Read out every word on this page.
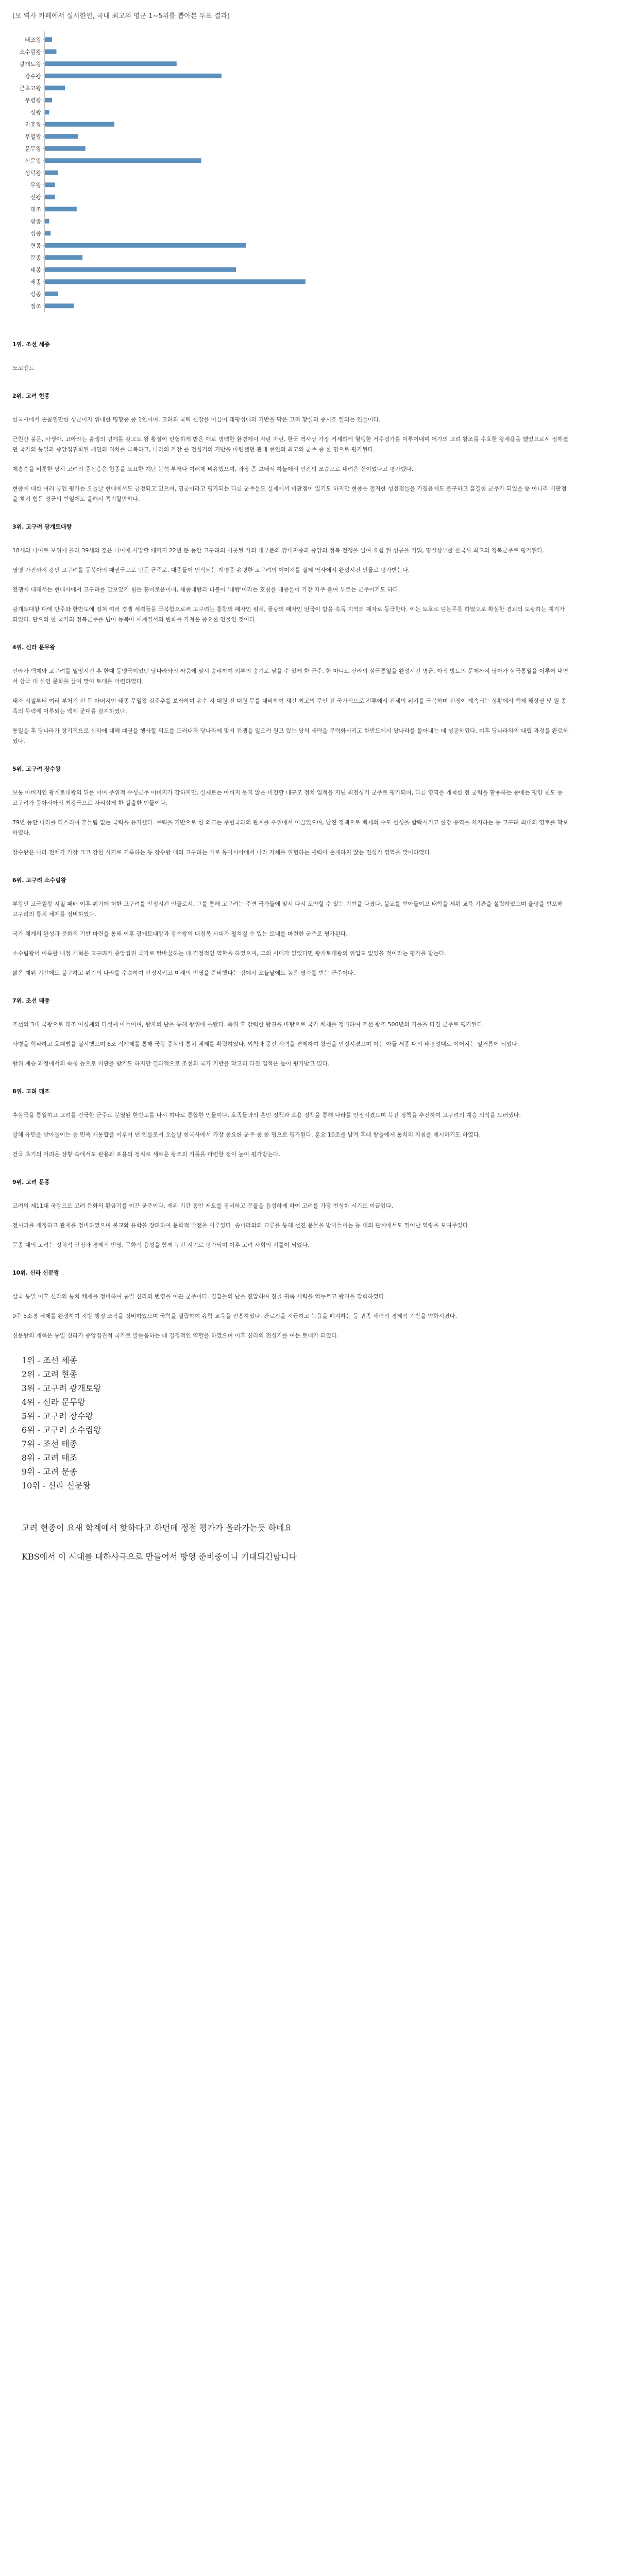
(모 역사 카페에서 실시한인, 국내 최고의 명군 1~5위를 뽑아본 투표 결과)
태조왕
소수림왕
광개토왕
장수왕
근초고왕
무령왕
성왕
진흥왕
무열왕
문무왕
신문왕
성덕왕
무왕
선왕
태조
광종
성종
현종
문종
태종
세종
성종
정조
1위. 조선 세종

노코멘트

2위. 고려 현종

한국사에서 손꼽힐만한 성군이자 위대한 명황중 중 1인이며, 고려의 국력 신장을 이끌어 태평성대의 기반을 닦은 고려 황실의 중시조 뻘되는 인물이다.

근친간 불운, 사생아, 고아라는 출생의 멍에를 갖고도 왕 황실이 빈협하게 받은 애로 명백한 환경에서 자란 자란, 한국 역사상 가장 거세하게 혈맹한 거수성가를 이루어내며 어가의 고려 왕조를 수호한 왕세용을 했었으로서 정해졌던 국가의 통일과 중앙집권화된 개인의 위치를 극복하고, 나라의 가장 큰 전성기의 기반을 마련했던 관대 현연의 최고의 군주 중 한 명으로 평가된다.

제흥순을 비롯한 당시 고려의 중신층은 현종을 요요한 계단 분석 부처나 여러제 비유했으며, 과장 좀 보태서 하늘에서 인간의 모습으로 내려온 신이었다고 평가했다.

현종에 대한 여러 궁인 평가는 오늘날 현대에서도 긍정되고 있으며, 영군이라고 평가되는 다른 군주들도 실제에서 비판점이 있기도 하지만 현종은 철저한 성선점들을 가졌음에도 불구하고 흠결한 군주가 되었을 뿐 아니라 비판점을 찾기 힘든 성군의 반열에도 올해서 특기할만하다.

3위. 고구려 광개토대왕

18세의 나이로 보위에 올라 39세의 젊은 나이에 사망할 때까지 22년 뿐 동안 고구려의 이곳된 가의 대부분의 감대지중과 중앙의 정복 전쟁을 벌여 요험 된 성공을 거둬, 명실상부한 한국사 최고의 정복군주로 평가된다.

영명 가진까지 강인 고구려를 동북아의 패권국으로 만든 군주로, 대중들이 인식되는 계명중 유명한 고구려의 이미지를 실제 역사에서 완성시킨 인물로 평가받는다.

전쟁에 대해서는 현대사에서 고구려를 맞보았기 힘든 흥미로운이며, 세종대왕과 더불어 '대왕'이라는 호칭을 대중들이 가장 자주 붙여 부르는 군주이기도 하다.

광개토대왕 대에 만주와 한반도에 걸쳐 여러 경쟁 세력들을 극복함으로써 고구려는 통합의 패자인 위치, 물광의 패자인 번국이 밤을 속독 지역의 패자로 등극한다. 이는 토호로 넘본무릇 하였으로 확실한 겸괴의 도광하는 계기가 되었다. 단으의 한 국가의 정복군주를 넘어 동북아 세계질서의 변화를 가져온 중요한 인물인 것이다.

4위. 신라 문무왕

신라가 백제와 고구려를 멸망시킨 후 한때 동맹국이었던 당나라와의 싸움에 맞서 승리하여 외부의 승기로 남을 수 있게 한 군주. 한 마디로 신라의 삼국통일을 완성시킨 명군. 아직 방토의 문제까지 당아가 삼국통일을 이루어 내면서 삼국 대 실연 문화를 끌어 맞이 토대를 마련하였다.

태자 시절부터 여러 부처기 전 무 아버지인 태종 무열왕 김춘추를 보좌하며 유수 지 대원 전 대원 무를 대비하여 새긴 최고의 무인 전 국가적으로 전투에서 전세의 위기를 극복하며 전쟁이 계속되는 상황에서 백제 해상권 및 원 종족의 무력에 이루되는 백제 군대를 감지하였다.

통일을 후 당나라가 장기적으로 신라에 대해 패권을 행사할 의도를 드러내자 당나라에 맞서 전쟁을 일으켜 원고 있는 당의 세력을 무력화시키고 한반도에서 당나라를 몰아내는 데 성공하였다. 이후 당나라와의 대립 과정을 완료하였다.

5위. 고구려 장수왕

보통 아버지인 광개토대왕의 뒤를 이어 주위적 수성군주 이미지가 강하지만, 실제로는 아버지 못지 않은 비견할 대규모 정치 업적을 지닌 최전성기 군주로 평가되며, 다른 영역을 개척한 전 군력을 활용하는 중에는 평양 천도 등 고구려가 동아시아의 최강국으로 자리잡게 한 걸출한 인물이다.

79년 동안 나라를 다스리며 흔들림 없는 국력을 유지했다. 무력을 기반으로 한 외교는 주변국과의 관계를 우위에서 이끌었으며, 남진 정책으로 백제의 수도 한성을 함락시키고 한강 유역을 차지하는 등 고구려 최대의 영토를 확보하였다.

장수왕은 나라 전체가 가장 크고 강한 시기로 거룩하는 등 장수왕 대의 고구려는 바로 동아시아에서 나라 자체를 위협하는 세력이 존재하지 않는 전성기 영역을 맞이하였다.

6위. 고구려 소수림왕

부왕인 고국원왕 시절 패배 이후 위기에 처한 고구려를 안정시킨 인물로서, 그를 통해 고구려는 주변 국가들에 맞서 다시 도약할 수 있는 기반을 다졌다. 불교를 받아들이고 태학을 세워 교육 기관을 설립하였으며 율령을 반포해 고구려의 통치 체제를 정비하였다.

국가 체계의 완성과 문화적 기반 마련을 통해 이후 광개토대왕과 장수왕의 대정복 시대가 펼쳐질 수 있는 토대를 마련한 군주로 평가된다.

소수림왕이 이룩한 내정 개혁은 고구려가 중앙집권 국가로 탈바꿈하는 데 결정적인 역할을 하였으며, 그의 시대가 없었다면 광개토대왕의 위업도 없었을 것이라는 평가를 받는다.

짧은 재위 기간에도 불구하고 위기의 나라를 수습하여 안정시키고 미래의 번영을 준비했다는 점에서 오늘날에도 높은 평가를 받는 군주이다.

7위. 조선 태종

조선의 3대 국왕으로 태조 이성계의 다섯째 아들이며, 왕자의 난을 통해 왕위에 올랐다. 즉위 후 강력한 왕권을 바탕으로 국가 체제를 정비하여 조선 왕조 500년의 기틀을 다진 군주로 평가된다.

사병을 혁파하고 호패법을 실시했으며 6조 직계제를 통해 국왕 중심의 통치 체제를 확립하였다. 외척과 공신 세력을 견제하여 왕권을 안정시켰으며 이는 아들 세종 대의 태평성대로 이어지는 밑거름이 되었다.

왕위 계승 과정에서의 숙청 등으로 비판을 받기도 하지만 결과적으로 조선의 국가 기반을 확고히 다진 업적은 높이 평가받고 있다.

8위. 고려 태조

후삼국을 통일하고 고려를 건국한 군주로 분열된 한반도를 다시 하나로 통합한 인물이다. 호족들과의 혼인 정책과 포용 정책을 통해 나라를 안정시켰으며 북진 정책을 추진하여 고구려의 계승 의식을 드러냈다.

발해 유민을 받아들이는 등 민족 재통합을 이루어 낸 인물로서 오늘날 한국사에서 가장 중요한 군주 중 한 명으로 평가된다. 훈요 10조를 남겨 후대 왕들에게 통치의 지침을 제시하기도 하였다.

건국 초기의 어려운 상황 속에서도 관용과 포용의 정치로 새로운 왕조의 기틀을 마련한 점이 높이 평가받는다.

9위. 고려 문종

고려의 제11대 국왕으로 고려 문화의 황금기를 이끈 군주이다. 재위 기간 동안 제도를 정비하고 문물을 융성하게 하여 고려를 가장 번성한 시기로 이끌었다.

전시과를 개정하고 관제를 정비하였으며 불교와 유학을 장려하여 문화적 발전을 이루었다. 송나라와의 교류를 통해 선진 문물을 받아들이는 등 대외 관계에서도 뛰어난 역량을 보여주었다.

문종 대의 고려는 정치적 안정과 경제적 번영, 문화적 융성을 함께 누린 시기로 평가되며 이후 고려 사회의 기틀이 되었다.

10위. 신라 신문왕

삼국 통일 이후 신라의 통치 체제를 정비하여 통일 신라의 번영을 이끈 군주이다. 김흠돌의 난을 진압하며 진골 귀족 세력을 억누르고 왕권을 강화하였다.

9주 5소경 체제를 완성하여 지방 행정 조직을 정비하였으며 국학을 설립하여 유학 교육을 진흥하였다. 관료전을 지급하고 녹읍을 폐지하는 등 귀족 세력의 경제적 기반을 약화시켰다.

신문왕의 개혁은 통일 신라가 중앙집권적 국가로 발돋움하는 데 결정적인 역할을 하였으며 이후 신라의 전성기를 여는 토대가 되었다.

1위 - 조선 세종
2위 - 고려 현종
3위 - 고구려 광개토왕
4위 - 신라 문무왕
5위 - 고구려 장수왕
6위 - 고구려 소수림왕
7위 - 조선 태종
8위 - 고려 태조
9위 - 고려 문종
10위 - 신라 신문왕

고려 현종이 요새 학계에서 핫하다고 하던데 정점 평가가 올라가는듯 하네요

KBS에서 이 시대를 대하사극으로 만들어서 방영 준비중이니 기대되긴합니다
